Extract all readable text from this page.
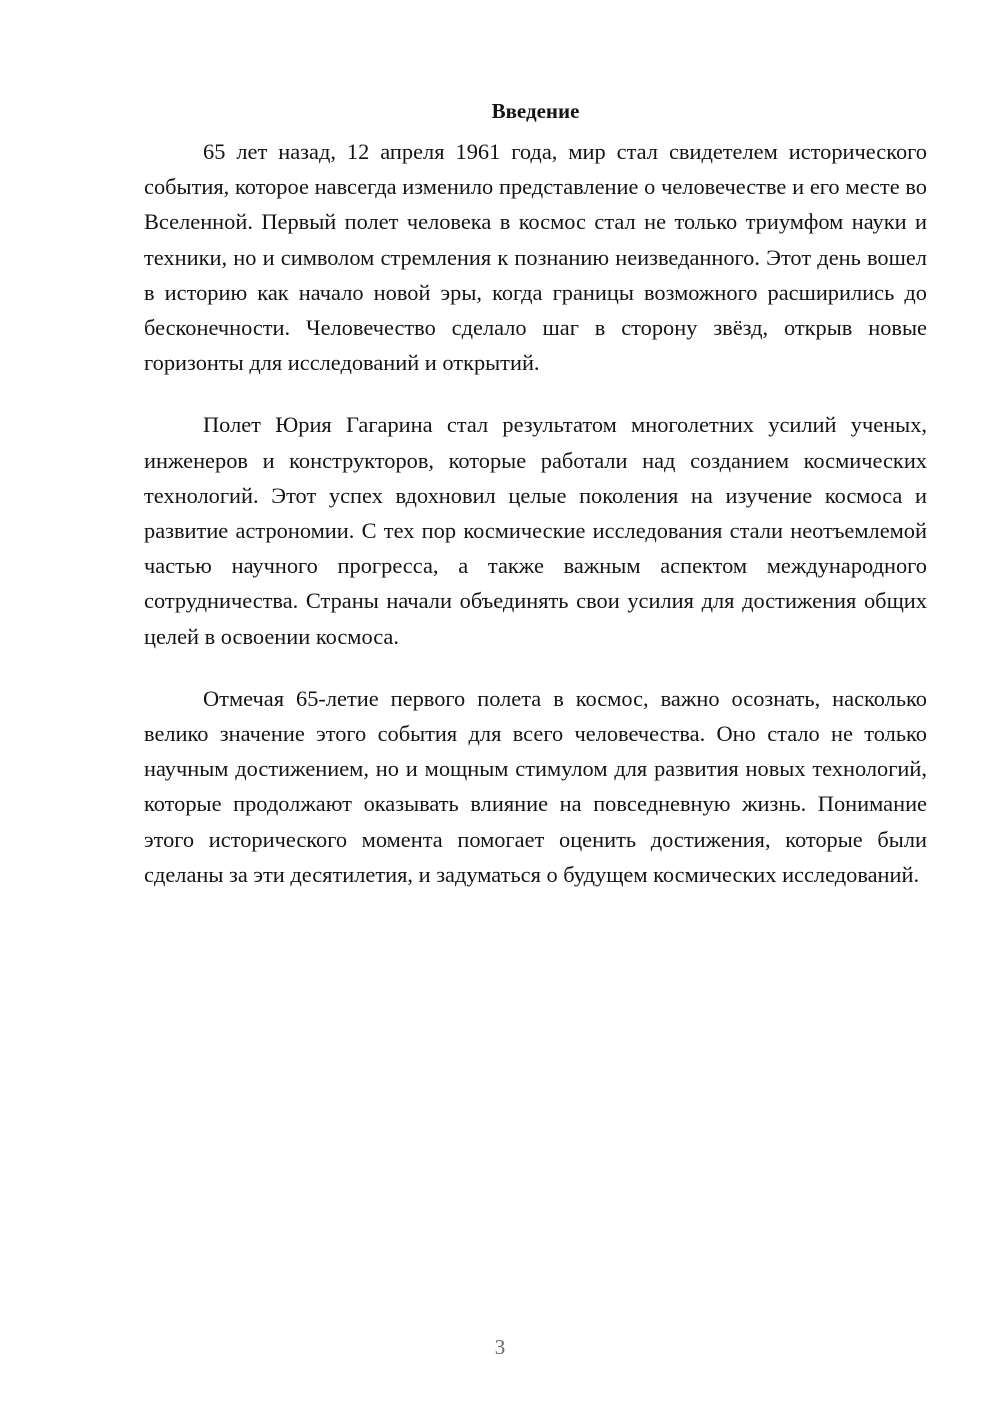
Введение

65 лет назад, 12 апреля 1961 года, мир стал свидетелем исторического события, которое навсегда изменило представление о человечестве и его месте во Вселенной. Первый полет человека в космос стал не только триумфом науки и техники, но и символом стремления к познанию неизведанного. Этот день вошел в историю как начало новой эры, когда границы возможного расширились до бесконечности. Человечество сделало шаг в сторону звёзд, открыв новые горизонты для исследований и открытий.

Полет Юрия Гагарина стал результатом многолетних усилий ученых, инженеров и конструкторов, которые работали над созданием космических технологий. Этот успех вдохновил целые поколения на изучение космоса и развитие астрономии. С тех пор космические исследования стали неотъемлемой частью научного прогресса, а также важным аспектом международного сотрудничества. Страны начали объединять свои усилия для достижения общих целей в освоении космоса.

Отмечая 65-летие первого полета в космос, важно осознать, насколько велико значение этого события для всего человечества. Оно стало не только научным достижением, но и мощным стимулом для развития новых технологий, которые продолжают оказывать влияние на повседневную жизнь. Понимание этого исторического момента помогает оценить достижения, которые были сделаны за эти десятилетия, и задуматься о будущем космических исследований.

3
